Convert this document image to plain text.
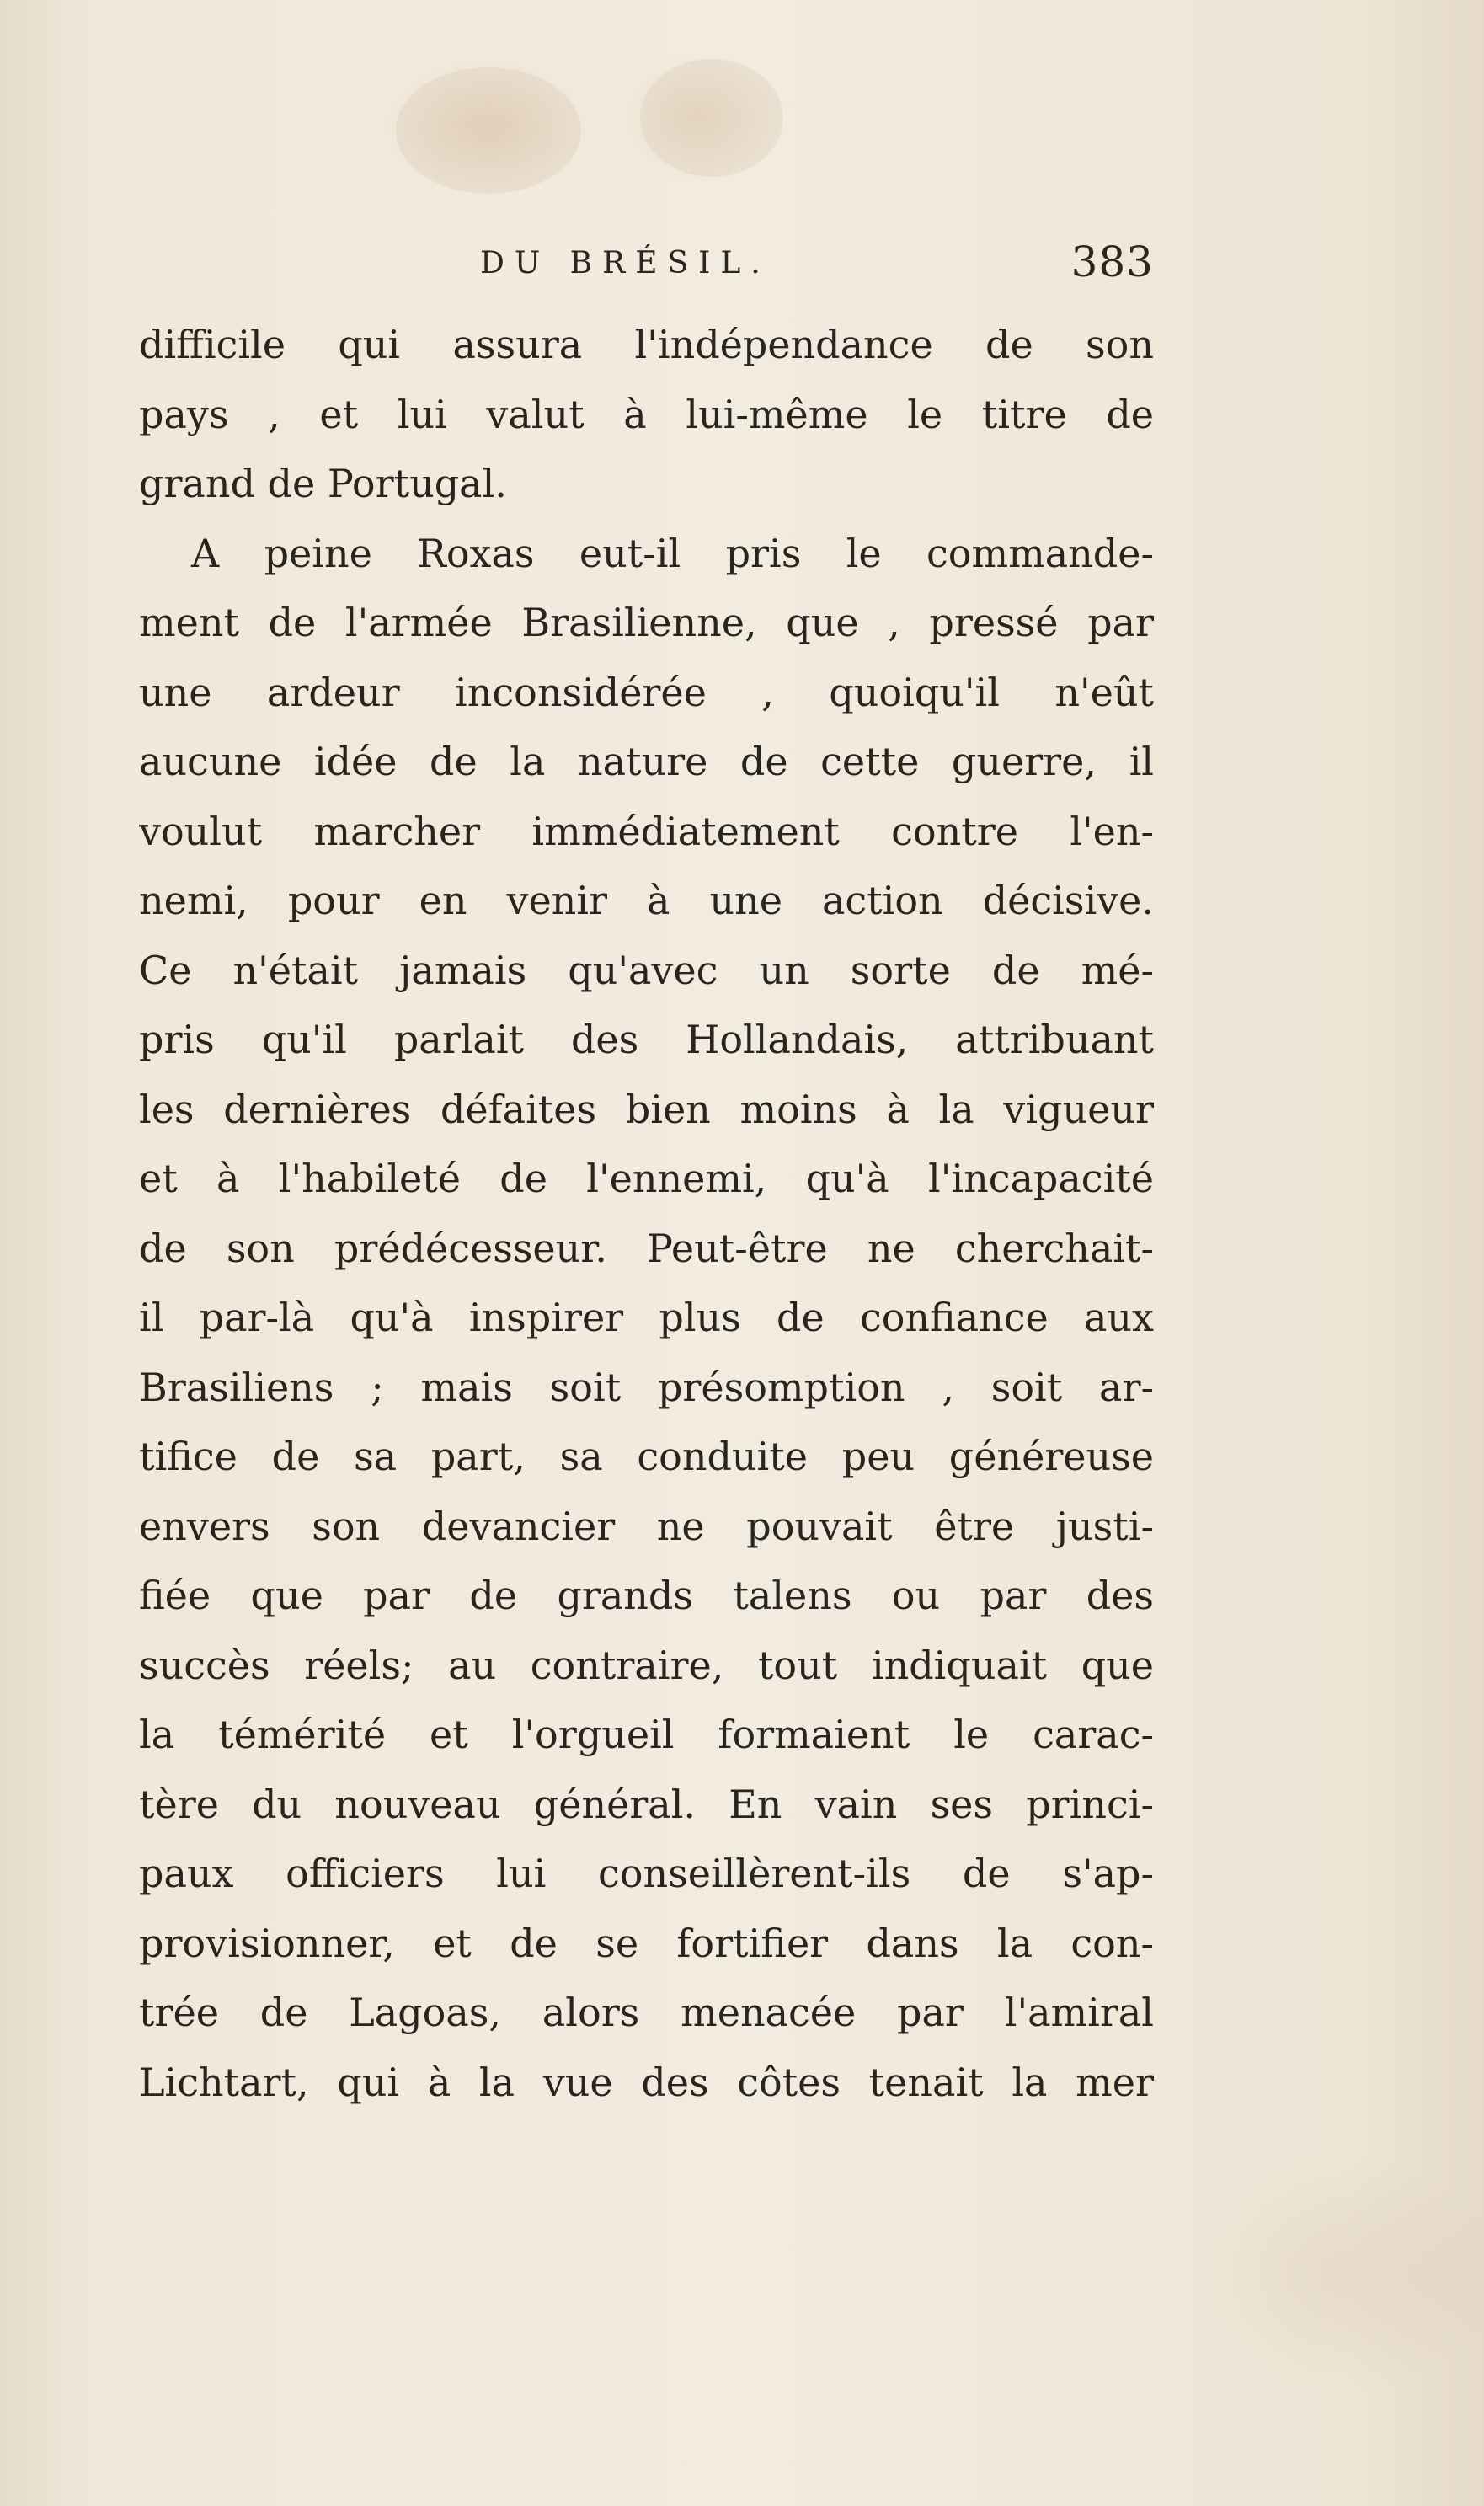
DU BRÉSIL.	383
difficile qui assura l'indépendance de son
pays , et lui valut à lui-même le titre de
grand de Portugal.
A peine Roxas eut-il pris le commande-
ment de l'armée Brasilienne, que , pressé par
une ardeur inconsidérée , quoiqu'il n'eût
aucune idée de la nature de cette guerre, il
voulut marcher immédiatement contre l'en-
nemi, pour en venir à une action décisive.
Ce n'était jamais qu'avec un sorte de mé-
pris qu'il parlait des Hollandais, attribuant
les dernières défaites bien moins à la vigueur
et à l'habileté de l'ennemi, qu'à l'incapacité
de son prédécesseur. Peut-être ne cherchait-
il par-là qu'à inspirer plus de confiance aux
Brasiliens ; mais soit présomption , soit ar-
tifice de sa part, sa conduite peu généreuse
envers son devancier ne pouvait être justi-
fiée que par de grands talens ou par des
succès réels; au contraire, tout indiquait que
la témérité et l'orgueil formaient le carac-
tère du nouveau général. En vain ses princi-
paux officiers lui conseillèrent-ils de s'ap-
provisionner, et de se fortifier dans la con-
trée de Lagoas, alors menacée par l'amiral
Lichtart, qui à la vue des côtes tenait la mer
